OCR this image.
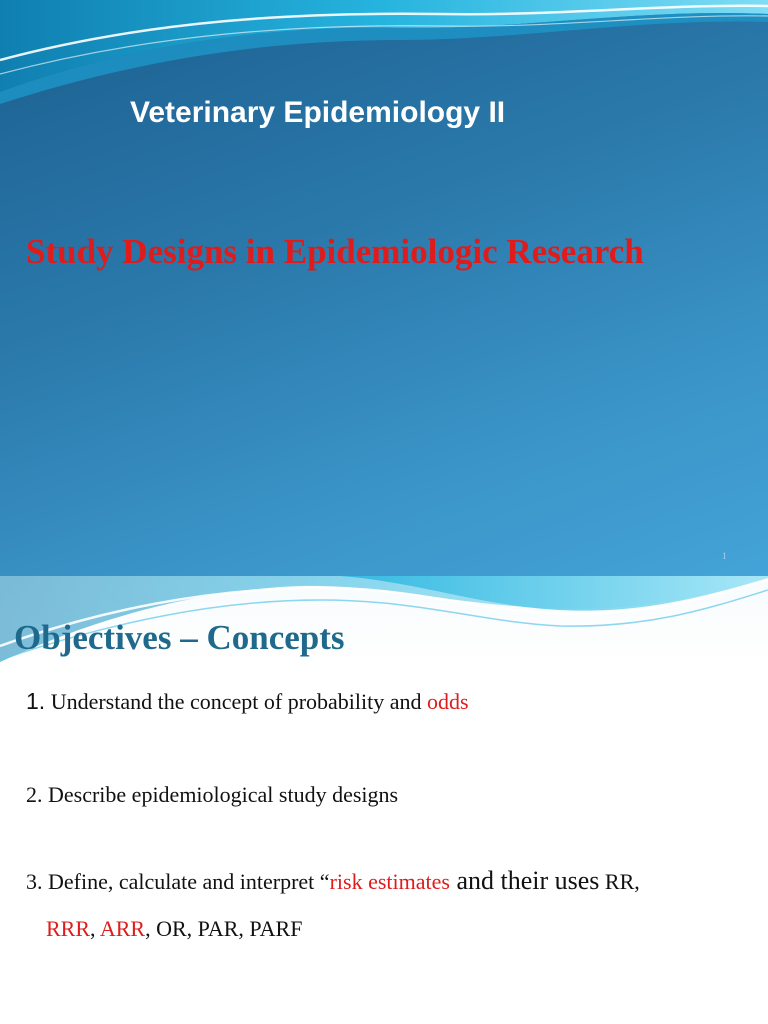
Veterinary Epidemiology II
Study Designs in Epidemiologic Research
1
Objectives – Concepts

1. Understand the concept of probability and odds

2. Describe epidemiological study designs

3. Define, calculate and interpret “risk estimates and their uses RR,

RRR, ARR, OR, PAR, PARF
